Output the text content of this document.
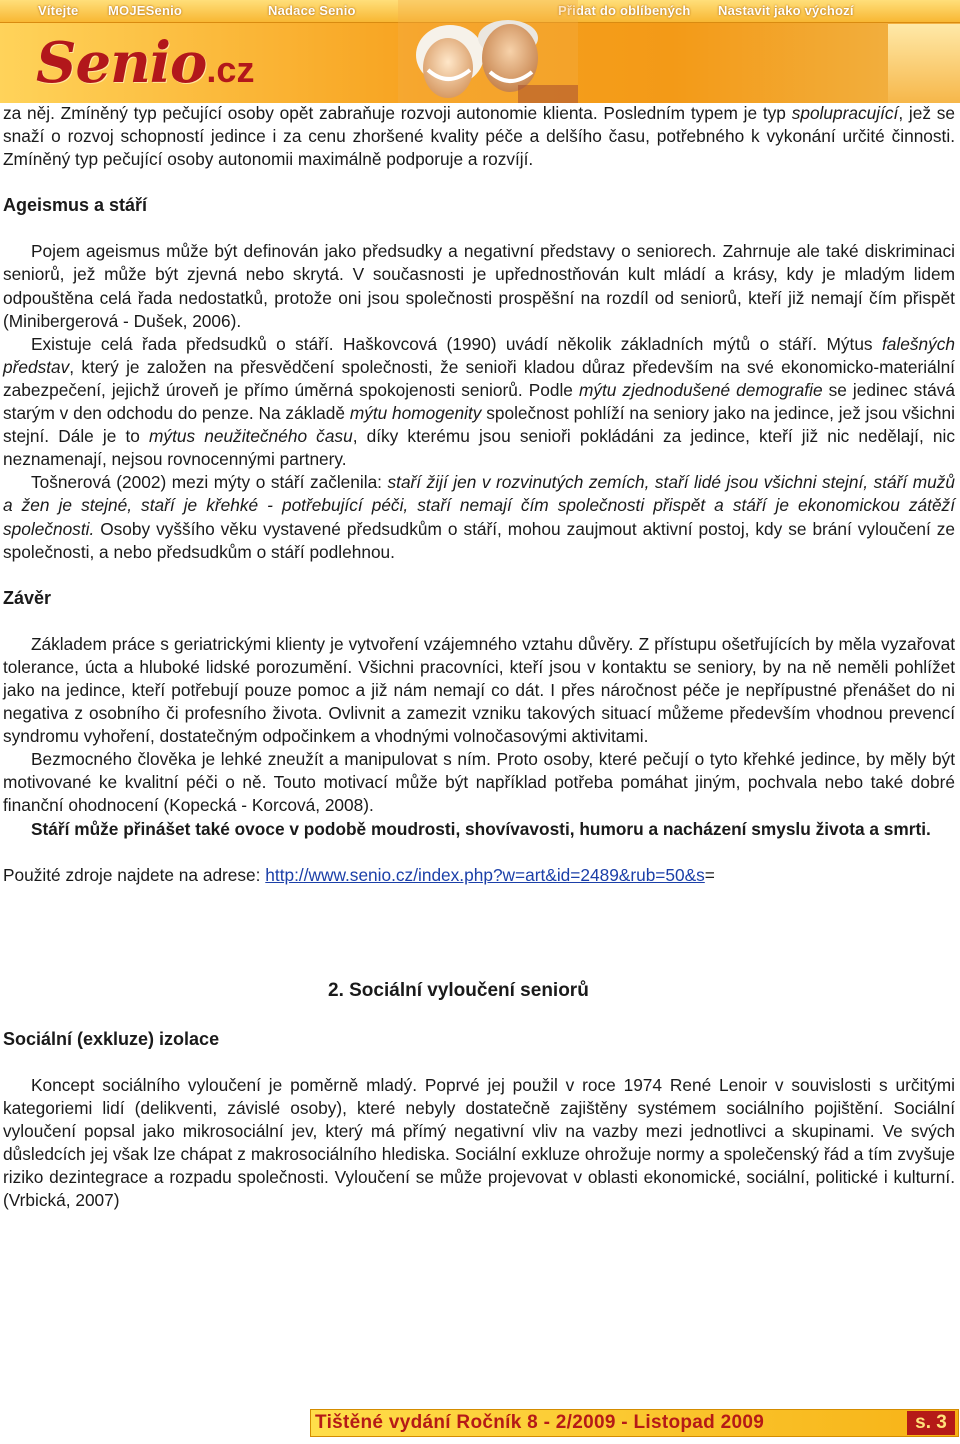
Vítejte MOJESenio	Nadace Senio	Přidat do oblíbených Nastavit jako výchozí
Senio.cz

za něj. Zmíněný typ pečující osoby opět zabraňuje rozvoji autonomie klienta. Posledním typem je typ spolupracující, jež se snaží o rozvoj schopností jedince i za cenu zhoršené kvality péče a delšího času, potřebného k vykonání určité činnosti. Zmíněný typ pečující osoby autonomii maximálně podporuje a rozvíjí.

Ageismus a stáří

Pojem ageismus může být definován jako předsudky a negativní představy o seniorech. Zahrnuje ale také diskriminaci seniorů, jež může být zjevná nebo skrytá. V současnosti je upřednostňován kult mládí a krásy, kdy je mladým lidem odpouštěna celá řada nedostatků, protože oni jsou společnosti prospěšní na rozdíl od seniorů, kteří již nemají čím přispět (Minibergerová - Dušek, 2006).

Existuje celá řada předsudků o stáří. Haškovcová (1990) uvádí několik základních mýtů o stáří. Mýtus falešných představ, který je založen na přesvědčení společnosti, že senioři kladou důraz především na své ekonomicko-materiální zabezpečení, jejichž úroveň je přímo úměrná spokojenosti seniorů. Podle mýtu zjednodušené demografie se jedinec stává starým v den odchodu do penze. Na základě mýtu homogenity společnost pohlíží na seniory jako na jedince, jež jsou všichni stejní. Dále je to mýtus neužitečného času, díky kterému jsou senioři pokládáni za jedince, kteří již nic nedělají, nic neznamenají, nejsou rovnocennými partnery.

Tošnerová (2002) mezi mýty o stáří začlenila: staří žijí jen v rozvinutých zemích, staří lidé jsou všichni stejní, stáří mužů a žen je stejné, staří je křehké - potřebující péči, staří nemají čím společnosti přispět a stáří je ekonomickou zátěží společnosti. Osoby vyššího věku vystavené předsudkům o stáří, mohou zaujmout aktivní postoj, kdy se brání vyloučení ze společnosti, a nebo předsudkům o stáří podlehnou.

Závěr

Základem práce s geriatrickými klienty je vytvoření vzájemného vztahu důvěry. Z přístupu ošetřujících by měla vyzařovat tolerance, úcta a hluboké lidské porozumění. Všichni pracovníci, kteří jsou v kontaktu se seniory, by na ně neměli pohlížet jako na jedince, kteří potřebují pouze pomoc a již nám nemají co dát. I přes náročnost péče je nepřípustné přenášet do ni negativa z osobního či profesního života. Ovlivnit a zamezit vzniku takových situací můžeme především vhodnou prevencí syndromu vyhoření, dostatečným odpočinkem a vhodnými volnočasovými aktivitami.

Bezmocného člověka je lehké zneužít a manipulovat s ním. Proto osoby, které pečují o tyto křehké jedince, by měly být motivované ke kvalitní péči o ně. Touto motivací může být například potřeba pomáhat jiným, pochvala nebo také dobré finanční ohodnocení (Kopecká - Korcová, 2008).

Stáří může přinášet také ovoce v podobě moudrosti, shovívavosti, humoru a nacházení smyslu života a smrti.

Použité zdroje najdete na adrese: http://www.senio.cz/index.php?w=art&id=2489&rub=50&s=

2. Sociální vyloučení seniorů

Sociální (exkluze) izolace

Koncept sociálního vyloučení je poměrně mladý. Poprvé jej použil v roce 1974 René Lenoir v souvislosti s určitými kategoriemi lidí (delikventi, závislé osoby), které nebyly dostatečně zajištěny systémem sociálního pojištění. Sociální vyloučení popsal jako mikrosociální jev, který má přímý negativní vliv na vazby mezi jednotlivci a skupinami. Ve svých důsledcích jej však lze chápat z makrosociálního hlediska. Sociální exkluze ohrožuje normy a společenský řád a tím zvyšuje riziko dezintegrace a rozpadu společnosti. Vyloučení se může projevovat v oblasti ekonomické, sociální, politické i kulturní. (Vrbická, 2007)

Tištěné vydání Ročník 8 - 2/2009 - Listopad 2009	s. 3
